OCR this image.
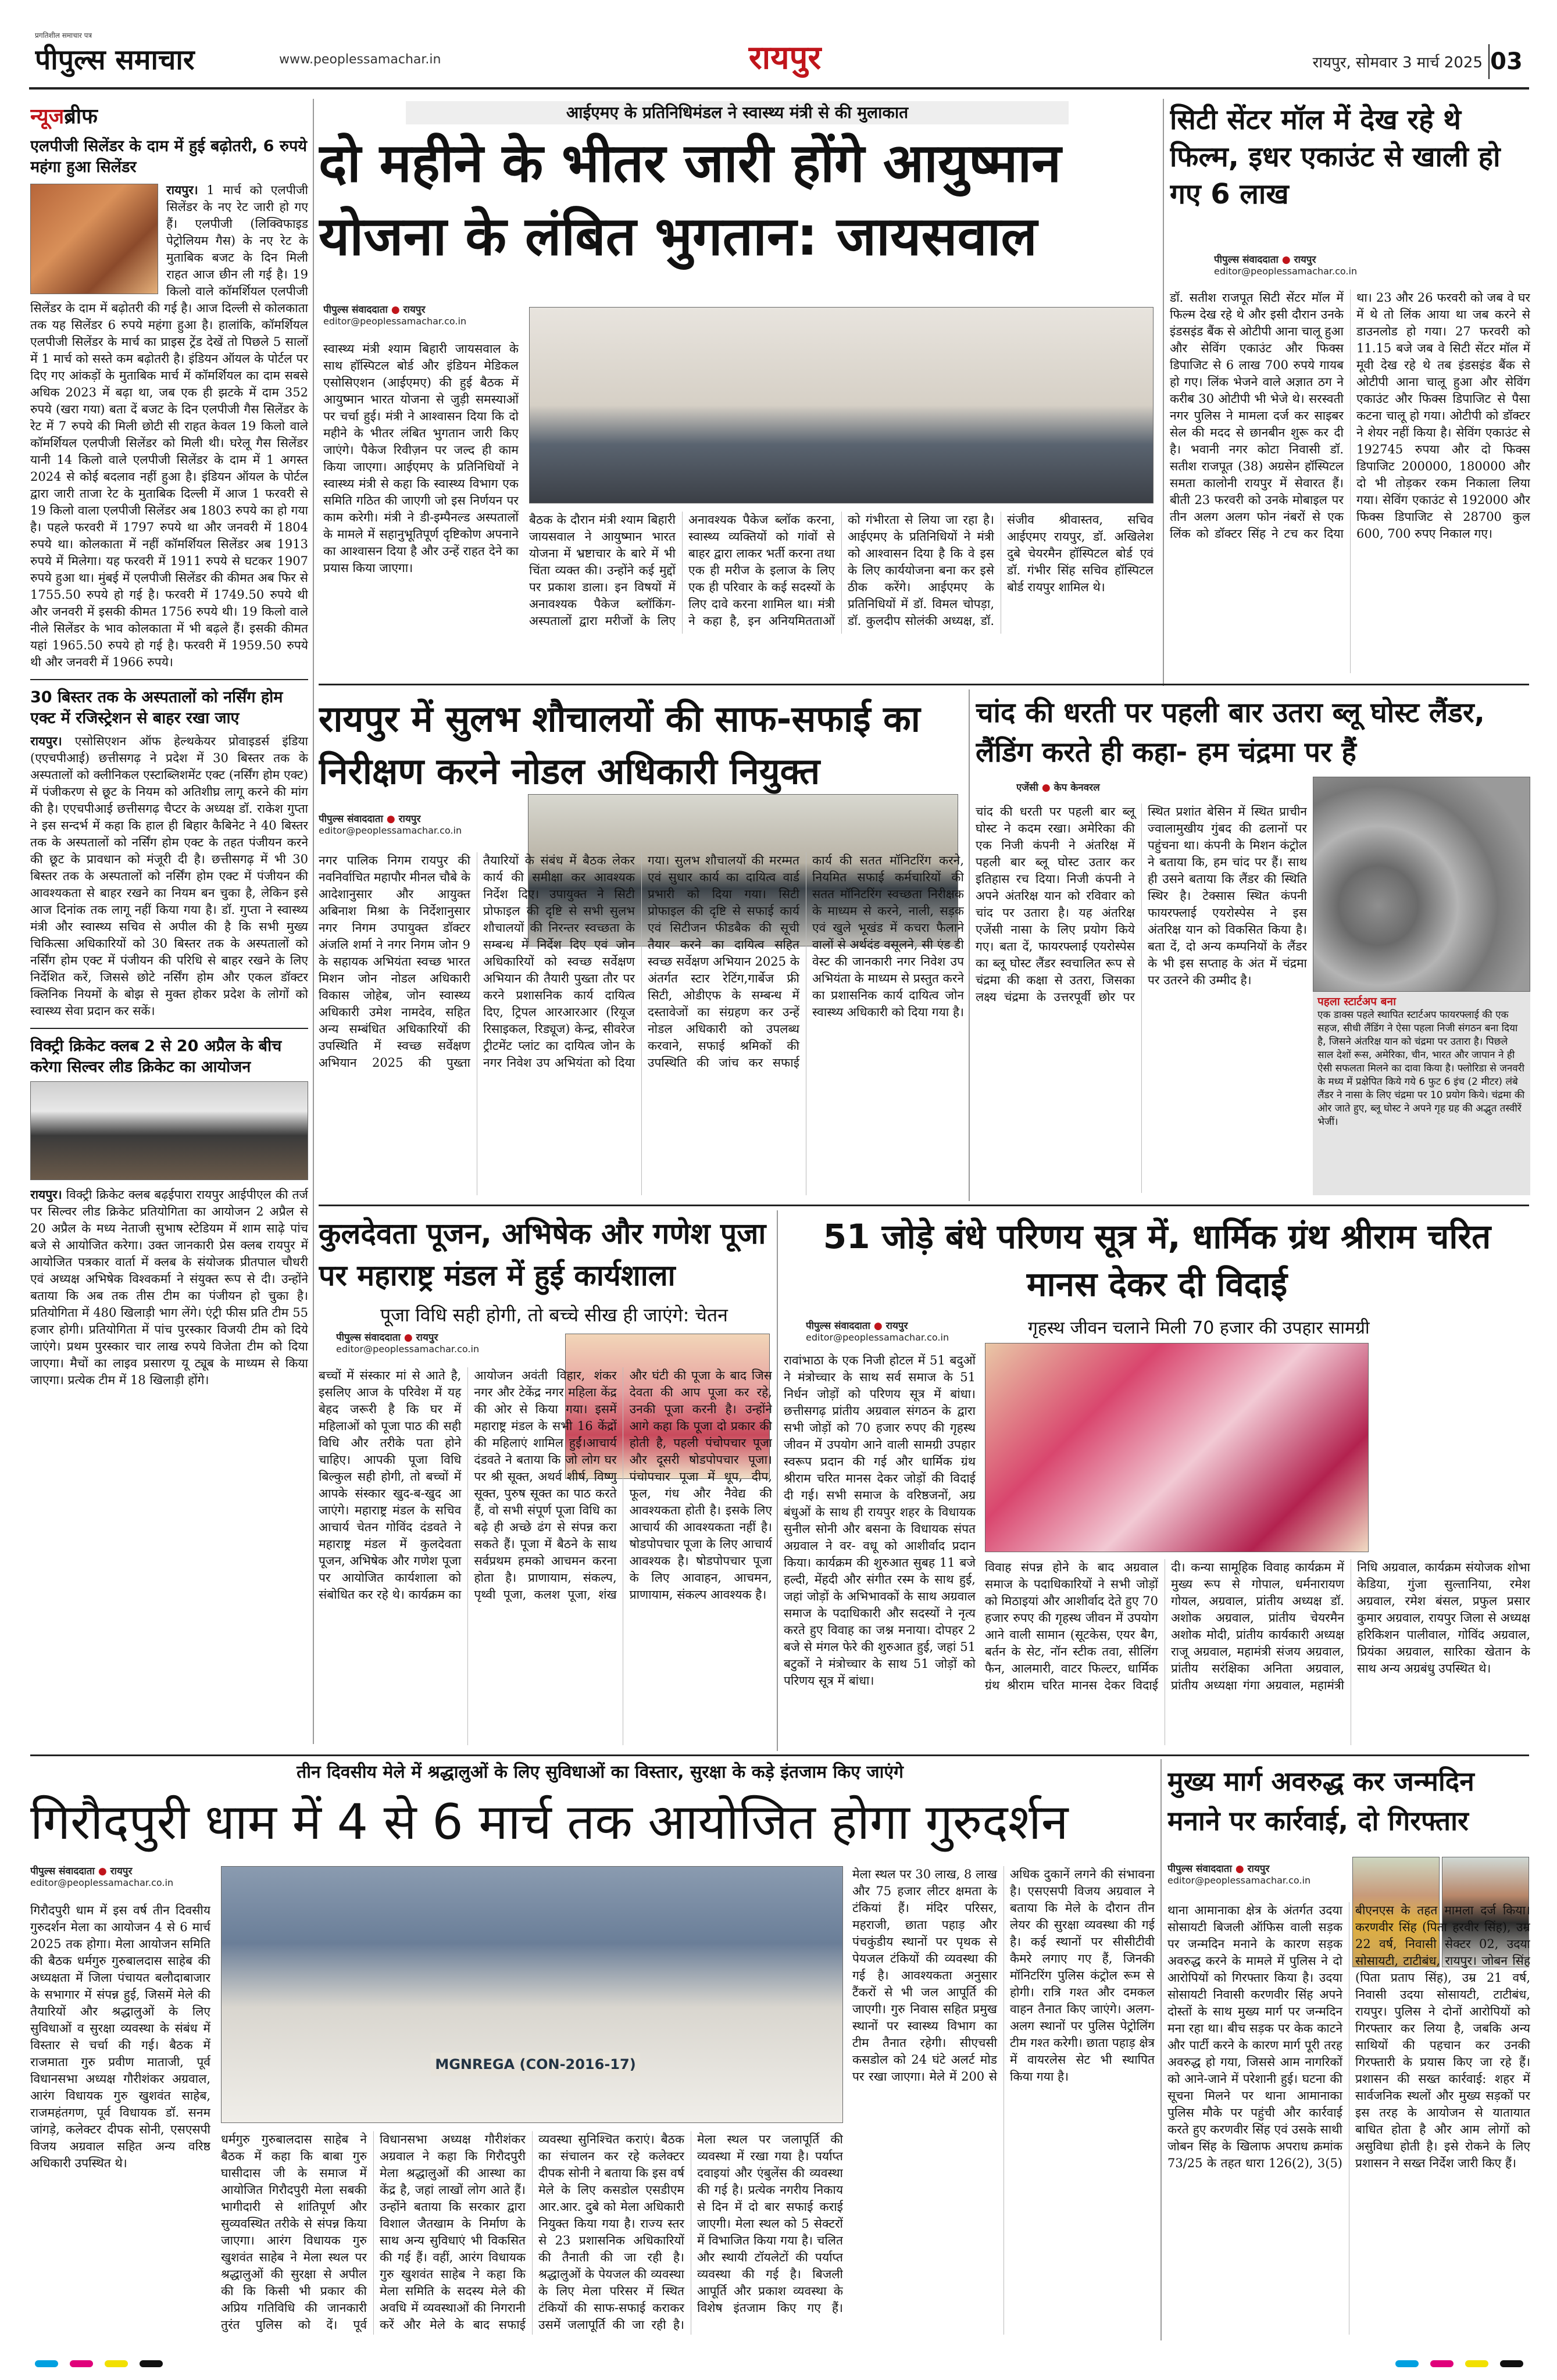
प्रगतिशील समाचार पत्र
पीपुल्स समाचार	www.peoplessamachar.in	रायपुर	रायपुर, सोमवार 3 मार्च 2025 03
न्यूजब्रीफ
एलपीजी सिलेंडर के दाम में हुई बढ़ोतरी, 6 रुपये महंगा हुआ सिलेंडर
रायपुर। 1 मार्च को एलपीजी सिलेंडर के नए रेट जारी हो गए हैं। एलपीजी (लिक्विफाइड पेट्रोलियम गैस) के नए रेट के मुताबिक बजट के दिन मिली राहत आज छीन ली गई है। 19 किलो वाले कॉमर्शियल एलपीजी सिलेंडर के दाम में बढ़ोतरी की गई है। आज दिल्ली से कोलकाता तक यह सिलेंडर 6 रुपये महंगा हुआ है। हालांकि, कॉमर्शियल एलपीजी सिलेंडर के मार्च का प्राइस ट्रेंड देखें तो पिछले 5 सालों में 1 मार्च को सस्ते कम बढ़ोतरी है। इंडियन ऑयल के पोर्टल पर दिए गए आंकड़ों के मुताबिक मार्च में कॉमर्शियल का दाम सबसे अधिक 2023 में बढ़ा था, जब एक ही झटके में दाम 352 रुपये (खरा गया) बता दें बजट के दिन एलपीजी गैस सिलेंडर के रेट में 7 रुपये की मिली छोटी सी राहत केवल 19 किलो वाले कॉमर्शियल एलपीजी सिलेंडर को मिली थी। घरेलू गैस सिलेंडर यानी 14 किलो वाले एलपीजी सिलेंडर के दाम में 1 अगस्त 2024 से कोई बदलाव नहीं हुआ है। इंडियन ऑयल के पोर्टल द्वारा जारी ताजा रेट के मुताबिक दिल्ली में आज 1 फरवरी से 19 किलो वाला एलपीजी सिलेंडर अब 1803 रुपये का हो गया है। पहले फरवरी में 1797 रुपये था और जनवरी में 1804 रुपये था। कोलकाता में नहीं कॉमर्शियल सिलेंडर अब 1913 रुपये में मिलेगा। यह फरवरी में 1911 रुपये से घटकर 1907 रुपये हुआ था। मुंबई में एलपीजी सिलेंडर की कीमत अब फिर से 1755.50 रुपये हो गई है। फरवरी में 1749.50 रुपये थी और जनवरी में इसकी कीमत 1756 रुपये थी। 19 किलो वाले नीले सिलेंडर के भाव कोलकाता में भी बढ़ले हैं। इसकी कीमत यहां 1965.50 रुपये हो गई है। फरवरी में 1959.50 रुपये थी और जनवरी में 1966 रुपये।
30 बिस्तर तक के अस्पतालों को नर्सिंग होम एक्ट में रजिस्ट्रेशन से बाहर रखा जाए
रायपुर। एसोसिएशन ऑफ हेल्थकेयर प्रोवाइडर्स इंडिया (एएचपीआई) छत्तीसगढ़ ने प्रदेश में 30 बिस्तर तक के अस्पतालों को क्लीनिकल एस्टाब्लिशमेंट एक्ट (नर्सिंग होम एक्ट) में पंजीकरण से छूट के नियम को अतिशीघ्र लागू करने की मांग की है। एएचपीआई छत्तीसगढ़ चैप्टर के अध्यक्ष डॉ. राकेश गुप्ता ने इस सन्दर्भ में कहा कि हाल ही बिहार कैबिनेट ने 40 बिस्तर तक के अस्पतालों को नर्सिंग होम एक्ट के तहत पंजीयन करने की छूट के प्रावधान को मंजूरी दी है। छत्तीसगढ़ में भी 30 बिस्तर तक के अस्पतालों को नर्सिंग होम एक्ट में पंजीयन की आवश्यकता से बाहर रखने का नियम बन चुका है, लेकिन इसे आज दिनांक तक लागू नहीं किया गया है। डॉ. गुप्ता ने स्वास्थ्य मंत्री और स्वास्थ्य सचिव से अपील की है कि सभी मुख्य चिकित्सा अधिकारियों को 30 बिस्तर तक के अस्पतालों को नर्सिंग होम एक्ट में पंजीयन की परिधि से बाहर रखने के लिए निर्देशित करें, जिससे छोटे नर्सिंग होम और एकल डॉक्टर क्लिनिक नियमों के बोझ से मुक्त होकर प्रदेश के लोगों को स्वास्थ्य सेवा प्रदान कर सकें।
विक्ट्री क्रिकेट क्लब 2 से 20 अप्रैल के बीच करेगा सिल्वर लीड क्रिकेट का आयोजन
रायपुर। विक्ट्री क्रिकेट क्लब बढ़ईपारा रायपुर आईपीएल की तर्ज पर सिल्वर लीड क्रिकेट प्रतियोगिता का आयोजन 2 अप्रैल से 20 अप्रैल के मध्य नेताजी सुभाष स्टेडियम में शाम साढ़े पांच बजे से आयोजित करेगा। उक्त जानकारी प्रेस क्लब रायपुर में आयोजित पत्रकार वार्ता में क्लब के संयोजक प्रीतपाल चौधरी एवं अध्यक्ष अभिषेक विश्वकर्मा ने संयुक्त रूप से दी। उन्होंने बताया कि अब तक तीस टीम का पंजीयन हो चुका है। प्रतियोगिता में 480 खिलाड़ी भाग लेंगे। एंट्री फीस प्रति टीम 55 हजार होगी। प्रतियोगिता में पांच पुरस्कार विजयी टीम को दिये जाएंगे। प्रथम पुरस्कार चार लाख रुपये विजेता टीम को दिया जाएगा। मैचों का लाइव प्रसारण यू ट्यूब के माध्यम से किया जाएगा। प्रत्येक टीम में 18 खिलाड़ी होंगे।
आईएमए के प्रतिनिधिमंडल ने स्वास्थ्य मंत्री से की मुलाकात
दो महीने के भीतर जारी होंगे आयुष्मान योजना के लंबित भुगतान: जायसवाल
पीपुल्स संवाददाता ● रायपुर
editor@peoplessamachar.co.in
स्वास्थ्य मंत्री श्याम बिहारी जायसवाल के साथ हॉस्पिटल बोर्ड और इंडियन मेडिकल एसोसिएशन (आईएमए) की हुई बैठक में आयुष्मान भारत योजना से जुड़ी समस्याओं पर चर्चा हुई। मंत्री ने आश्वासन दिया कि दो महीने के भीतर लंबित भुगतान जारी किए जाएंगे। पैकेज रिवीज़न पर जल्द ही काम किया जाएगा। आईएमए के प्रतिनिधियों ने स्वास्थ्य मंत्री से कहा कि स्वास्थ्य विभाग एक समिति गठित की जाएगी जो इस निर्णयन पर काम करेगी। मंत्री ने डी-इम्पैनल्ड अस्पतालों के मामले में सहानुभूतिपूर्ण दृष्टिकोण अपनाने का आश्वासन दिया है और उन्हें राहत देने का प्रयास किया जाएगा।
बैठक के दौरान मंत्री श्याम बिहारी जायसवाल ने आयुष्मान भारत योजना में भ्रष्टाचार के बारे में भी चिंता व्यक्त की। उन्होंने कई मुद्दों पर प्रकाश डाला। इन विषयों में अनावश्यक पैकेज ब्लॉकिंग- अस्पतालों द्वारा मरीजों के लिए अनावश्यक पैकेज ब्लॉक करना, स्वास्थ्य व्यक्तियों को गांवों से बाहर द्वारा लाकर भर्ती करना तथा एक ही मरीज के इलाज के लिए एक ही परिवार के कई सदस्यों के लिए दावे करना शामिल था। मंत्री ने कहा है, इन अनियमितताओं को गंभीरता से लिया जा रहा है। आईएमए के प्रतिनिधियों ने मंत्री को आश्वासन दिया है कि वे इस के लिए कार्ययोजना बना कर इसे ठीक करेंगे। आईएमए के प्रतिनिधियों में डॉ. विमल चोपड़ा, डॉ. कुलदीप सोलंकी अध्यक्ष, डॉ. संजीव श्रीवास्तव, सचिव आईएमए रायपुर, डॉ. अखिलेश दुबे चेयरमैन हॉस्पिटल बोर्ड एवं डॉ. गंभीर सिंह सचिव हॉस्पिटल बोर्ड रायपुर शामिल थे।
सिटी सेंटर मॉल में देख रहे थे फिल्म, इधर एकाउंट से खाली हो गए 6 लाख
पीपुल्स संवाददाता ● रायपुर
editor@peoplessamachar.co.in
डॉ. सतीश राजपूत सिटी सेंटर मॉल में फिल्म देख रहे थे और इसी दौरान उनके इंडसइंड बैंक से ओटीपी आना चालू हुआ और सेविंग एकाउंट और फिक्स डिपाजिट से 6 लाख 700 रुपये गायब हो गए। लिंक भेजने वाले अज्ञात ठग ने करीब 30 ओटीपी भी भेजे थे। सरस्वती नगर पुलिस ने मामला दर्ज कर साइबर सेल की मदद से छानबीन शुरू कर दी है। भवानी नगर कोटा निवासी डॉ. सतीश राजपूत (38) अग्रसेन हॉस्पिटल समता कालोनी रायपुर में सेवारत हैं। बीती 23 फरवरी को उनके मोबाइल पर तीन अलग अलग फोन नंबरों से एक लिंक को डॉक्टर सिंह ने टच कर दिया था। 23 और 26 फरवरी को जब वे घर में थे तो लिंक आया था जब करने से डाउनलोड हो गया। 27 फरवरी को 11.15 बजे जब वे सिटी सेंटर मॉल में मूवी देख रहे थे तब इंडसइंड बैंक से ओटीपी आना चालू हुआ और सेविंग एकाउंट और फिक्स डिपाजिट से पैसा कटना चालू हो गया। ओटीपी को डॉक्टर ने शेयर नहीं किया है। सेविंग एकाउंट से 192745 रुपया और दो फिक्स डिपाजिट 200000, 180000 और दो भी तोड़कर रकम निकाला लिया गया। सेविंग एकाउंट से 192000 और फिक्स डिपाजिट से 28700 कुल 600, 700 रुपए निकाल गए।
रायपुर में सुलभ शौचालयों की साफ-सफाई का निरीक्षण करने नोडल अधिकारी नियुक्त
पीपुल्स संवाददाता ● रायपुर
editor@peoplessamachar.co.in
नगर पालिक निगम रायपुर की नवनिर्वाचित महापौर मीनल चौबे के आदेशानुसार और आयुक्त अबिनाश मिश्रा के निर्देशानुसार नगर निगम उपायुक्त डॉक्टर अंजलि शर्मा ने नगर निगम जोन 9 के सहायक अभियंता स्वच्छ भारत मिशन जोन नोडल अधिकारी विकास जोहेब, जोन स्वास्थ्य अधिकारी उमेश नामदेव, सहित अन्य सम्बंधित अधिकारियों की उपस्थिति में स्वच्छ सर्वेक्षण अभियान 2025 की पुख्ता तैयारियों के संबंध में बैठक लेकर कार्य की समीक्षा कर आवश्यक निर्देश दिए। उपायुक्त ने सिटी प्रोफाइल की दृष्टि से सभी सुलभ शौचालयों की निरन्तर स्वच्छता के सम्बन्ध में निर्देश दिए एवं जोन अधिकारियों को स्वच्छ सर्वेक्षण अभियान की तैयारी पुख्ता तौर पर करने प्रशासनिक कार्य दायित्व दिए, ट्रिपल आरआरआर (रियूज रिसाइकल, रिड्यूज) केन्द्र, सीवरेज ट्रीटमेंट प्लांट का दायित्व जोन के नगर निवेश उप अभियंता को दिया गया। सुलभ शौचालयों की मरम्मत एवं सुधार कार्य का दायित्व वार्ड प्रभारी को दिया गया। सिटी प्रोफाइल की दृष्टि से सफाई कार्य एवं सिटीजन फीडबैक की सूची तैयार करने का दायित्व सहित स्वच्छ सर्वेक्षण अभियान 2025 के अंतर्गत स्टार रेटिंग,गार्बेज फ्री सिटी, ओडीएफ के सम्बन्ध में दस्तावेजों का संग्रहण कर उन्हें नोडल अधिकारी को उपलब्ध करवाने, सफाई श्रमिकों की उपस्थिति की जांच कर सफाई कार्य की सतत मॉनिटरिंग करने, नियमित सफाई कर्मचारियों की सतत मॉनिटरिंग स्वच्छता निरीक्षक के माध्यम से करने, नाली, सड़क एवं खुले भूखंड में कचरा फैलाने वालों से अर्थदंड वसूलने, सी एंड डी वेस्ट की जानकारी नगर निवेश उप अभियंता के माध्यम से प्रस्तुत करने का प्रशासनिक कार्य दायित्व जोन स्वास्थ्य अधिकारी को दिया गया है।
चांद की धरती पर पहली बार उतरा ब्लू घोस्ट लैंडर, लैंडिंग करते ही कहा- हम चंद्रमा पर हैं
एजेंसी ● केप केनवरल
चांद की धरती पर पहली बार ब्लू घोस्ट ने कदम रखा। अमेरिका की एक निजी कंपनी ने अंतरिक्ष में पहली बार ब्लू घोस्ट उतार कर इतिहास रच दिया। निजी कंपनी ने अपने अंतरिक्ष यान को रविवार को चांद पर उतारा है। यह अंतरिक्ष एजेंसी नासा के लिए प्रयोग किये गए। बता दें, फायरफ्लाई एयरोस्पेस का ब्लू घोस्ट लैंडर स्वचालित रूप से चंद्रमा की कक्षा से उतरा, जिसका लक्ष्य चंद्रमा के उत्तरपूर्वी छोर पर स्थित प्रशांत बेसिन में स्थित प्राचीन ज्वालामुखीय गुंबद की ढलानों पर पहुंचना था। कंपनी के मिशन कंट्रोल ने बताया कि, हम चांद पर हैं। साथ ही उसने बताया कि लैंडर की स्थिति स्थिर है। टेक्सास स्थित कंपनी फायरफ्लाई एयरोस्पेस ने इस अंतरिक्ष यान को विकसित किया है। बता दें, दो अन्य कम्पनियों के लैंडर के भी इस सप्ताह के अंत में चंद्रमा पर उतरने की उम्मीद है।
पहला स्टार्टअप बना
एक डाक्स पहले स्थापित स्टार्टअप फायरफ्लाई की एक सहज, सीधी लैंडिंग ने ऐसा पहला निजी संगठन बना दिया है, जिसने अंतरिक्ष यान को चंद्रमा पर उतारा है। पिछले साल देशों रूस, अमेरिका, चीन, भारत और जापान ने ही ऐसी सफलता मिलने का दावा किया है। फ्लोरिडा से जनवरी के मध्य में प्रक्षेपित किये गये 6 फुट 6 इंच (2 मीटर) लंबे लैंडर ने नासा के लिए चंद्रमा पर 10 प्रयोग किये। चंद्रमा की ओर जाते हुए, ब्लू घोस्ट ने अपने गृह ग्रह की अद्भुत तस्वीरें भेजीं।
कुलदेवता पूजन, अभिषेक और गणेश पूजा पर महाराष्ट्र मंडल में हुई कार्यशाला
पूजा विधि सही होगी, तो बच्चे सीख ही जाएंगे: चेतन
पीपुल्स संवाददाता ● रायपुर
editor@peoplessamachar.co.in
बच्चों में संस्कार मां से आते है, इसलिए आज के परिवेश में यह बेहद जरूरी है कि घर में महिलाओं को पूजा पाठ की सही विधि और तरीके पता होने चाहिए। आपकी पूजा विधि बिल्कुल सही होगी, तो बच्चों में आपके संस्कार खुद-ब-खुद आ जाएंगे। महाराष्ट्र मंडल के सचिव आचार्य चेतन गोविंद दंडवते ने महाराष्ट्र मंडल में कुलदेवता पूजन, अभिषेक और गणेश पूजा पर आयोजित कार्यशाला को संबोधित कर रहे थे। कार्यक्रम का आयोजन अवंती विहार, शंकर नगर और टेकेंद्र नगर महिला केंद्र की ओर से किया गया। इसमें महाराष्ट्र मंडल के सभी 16 केंद्रों की महिलाएं शामिल हुईं।आचार्य दंडवते ने बताया कि जो लोग घर पर श्री सूक्त, अथर्व शीर्ष, विष्णु सूक्त, पुरुष सूक्त का पाठ करते हैं, वो सभी संपूर्ण पूजा विधि का बढ़े ही अच्छे ढंग से संपन्न करा सकते हैं। पूजा में बैठने के साथ सर्वप्रथम हमको आचमन करना होता है। प्राणायाम, संकल्प, पृथ्वी पूजा, कलश पूजा, शंख और घंटी की पूजा के बाद जिस देवता की आप पूजा कर रहे, उनकी पूजा करनी है। उन्होंने आगे कहा कि पूजा दो प्रकार की होती है, पहली पंचोपचार पूजा और दूसरी षोडपोपचार पूजा। पंचोपचार पूजा में धूप, दीप, फूल, गंध और नैवेद्य की आवश्यकता होती है। इसके लिए आचार्य की आवश्यकता नहीं है। षोडपोपचार पूजा के लिए आचार्य आवश्यक है। षोडपोपचार पूजा के लिए आवाहन, आचमन, प्राणायाम, संकल्प आवश्यक है।
51 जोड़े बंधे परिणय सूत्र में, धार्मिक ग्रंथ श्रीराम चरित मानस देकर दी विदाई
गृहस्थ जीवन चलाने मिली 70 हजार की उपहार सामग्री
पीपुल्स संवाददाता ● रायपुर
editor@peoplessamachar.co.in
रावांभाठा के एक निजी होटल में 51 बदुओं ने मंत्रोच्चार के साथ सर्व समाज के 51 निर्धन जोड़ों को परिणय सूत्र में बांधा। छत्तीसगढ़ प्रांतीय अग्रवाल संगठन के द्वारा सभी जोड़ों को 70 हजार रुपए की गृहस्थ जीवन में उपयोग आने वाली सामग्री उपहार स्वरूप प्रदान की गई और धार्मिक ग्रंथ श्रीराम चरित मानस देकर जोड़ों की विदाई दी गई। सभी समाज के वरिष्ठजनों, अग्र बंधुओं के साथ ही रायपुर शहर के विधायक सुनील सोनी और बसना के विधायक संपत अग्रवाल ने वर- वधू को आशीर्वाद प्रदान किया। कार्यक्रम की शुरुआत सुबह 11 बजे हल्दी, मेंहदी और संगीत रस्म के साथ हुई, जहां जोड़ों के अभिभावकों के साथ अग्रवाल समाज के पदाधिकारी और सदस्यों ने नृत्य करते हुए विवाह का जश्न मनाया। दोपहर 2 बजे से मंगल फेरे की शुरुआत हुई, जहां 51 बटुकों ने मंत्रोच्चार के साथ 51 जोड़ों को परिणय सूत्र में बांधा।
विवाह संपन्न होने के बाद अग्रवाल समाज के पदाधिकारियों ने सभी जोड़ों को मिठाइयां और आशीर्वाद देते हुए 70 हजार रुपए की गृहस्थ जीवन में उपयोग आने वाली सामान (सूटकेस, एयर बैग, बर्तन के सेट, नॉन स्टीक तवा, सीलिंग फैन, आलमारी, वाटर फिल्टर, धार्मिक ग्रंथ श्रीराम चरित मानस देकर विदाई दी। कन्या सामूहिक विवाह कार्यक्रम में मुख्य रूप से गोपाल, धर्मनारायण गोयल, अग्रवाल, प्रांतीय अध्यक्ष डॉ. अशोक अग्रवाल, प्रांतीय चेयरमैन अशोक मोदी, प्रांतीय कार्यकारी अध्यक्ष राजू अग्रवाल, महामंत्री संजय अग्रवाल, प्रांतीय सरंक्षिका अनिता अग्रवाल, प्रांतीय अध्यक्षा गंगा अग्रवाल, महामंत्री निधि अग्रवाल, कार्यक्रम संयोजक शोभा केडिया, गुंजा सुल्तानिया, रमेश अग्रवाल, रमेश बंसल, प्रफुल प्रसार कुमार अग्रवाल, रायपुर जिला से अध्यक्ष हरिकिशन पालीवाल, गोविंद अग्रवाल, प्रियंका अग्रवाल, सारिका खेतान के साथ अन्य अग्रबंधु उपस्थित थे।
तीन दिवसीय मेले में श्रद्धालुओं के लिए सुविधाओं का विस्तार, सुरक्षा के कड़े इंतजाम किए जाएंगे
गिरौदपुरी धाम में 4 से 6 मार्च तक आयोजित होगा गुरुदर्शन
पीपुल्स संवाददाता ● रायपुर
editor@peoplessamachar.co.in
गिरौदपुरी धाम में इस वर्ष तीन दिवसीय गुरुदर्शन मेला का आयोजन 4 से 6 मार्च 2025 तक होगा। मेला आयोजन समिति की बैठक धर्मगुरु गुरुबालदास साहेब की अध्यक्षता में जिला पंचायत बलौदाबाजार के सभागार में संपन्न हुई, जिसमें मेले की तैयारियों और श्रद्धालुओं के लिए सुविधाओं व सुरक्षा व्यवस्था के संबंध में विस्तार से चर्चा की गई। बैठक में राजमाता गुरु प्रवीण माताजी, पूर्व विधानसभा अध्यक्ष गौरीशंकर अग्रवाल, आरंग विधायक गुरु खुशवंत साहेब, राजमहंतगण, पूर्व विधायक डॉ. सनम जांगड़े, कलेक्टर दीपक सोनी, एसएसपी विजय अग्रवाल सहित अन्य वरिष्ठ अधिकारी उपस्थित थे।
MGNREGA (CON-2016-17)
धर्मगुरु गुरुबालदास साहेब ने बैठक में कहा कि बाबा गुरु घासीदास जी के समाज में आयोजित गिरौदपुरी मेला सबकी भागीदारी से शांतिपूर्ण और सुव्यवस्थित तरीके से संपन्न किया जाएगा। आरंग विधायक गुरु खुशवंत साहेब ने मेला स्थल पर श्रद्धालुओं की सुरक्षा से अपील की कि किसी भी प्रकार की अप्रिय गतिविधि की जानकारी तुरंत पुलिस को दें। पूर्व विधानसभा अध्यक्ष गौरीशंकर अग्रवाल ने कहा कि गिरौदपुरी मेला श्रद्धालुओं की आस्था का केंद्र है, जहां लाखों लोग आते हैं। उन्होंने बताया कि सरकार द्वारा विशाल जैतखाम के निर्माण के साथ अन्य सुविधाएं भी विकसित की गई हैं। वहीं, आरंग विधायक गुरु खुशवंत साहेब ने कहा कि मेला समिति के सदस्य मेले की अवधि में व्यवस्थाओं की निगरानी करें और मेले के बाद सफाई व्यवस्था सुनिश्चित कराएं। बैठक का संचालन कर रहे कलेक्टर दीपक सोनी ने बताया कि इस वर्ष मेले के लिए कसडोल एसडीएम आर.आर. दुबे को मेला अधिकारी नियुक्त किया गया है। राज्य स्तर से 23 प्रशासनिक अधिकारियों की तैनाती की जा रही है। श्रद्धालुओं के पेयजल की व्यवस्था के लिए मेला परिसर में स्थित टंकियों की साफ-सफाई कराकर उसमें जलापूर्ति की जा रही है। मेला स्थल पर जलापूर्ति की व्यवस्था में रखा गया है। पर्याप्त दवाइयां और एंबुलेंस की व्यवस्था की गई है। प्रत्येक नगरीय निकाय से दिन में दो बार सफाई कराई जाएगी। मेला स्थल को 5 सेक्टरों में विभाजित किया गया है। चलित और स्थायी टॉयलेटों की पर्याप्त व्यवस्था की गई है। बिजली आपूर्ति और प्रकाश व्यवस्था के विशेष इंतजाम किए गए हैं।
मेला स्थल पर 30 लाख, 8 लाख और 75 हजार लीटर क्षमता के टंकियां हैं। मंदिर परिसर, महराजी, छाता पहाड़ और पंचकुंडीय स्थानों पर पृथक से पेयजल टंकियों की व्यवस्था की गई है। आवश्यकता अनुसार टैंकरों से भी जल आपूर्ति की जाएगी। गुरु निवास सहित प्रमुख स्थानों पर स्वास्थ्य विभाग का टीम तैनात रहेगी। सीएचसी कसडोल को 24 घंटे अलर्ट मोड पर रखा जाएगा। मेले में 200 से अधिक दुकानें लगने की संभावना है। एसएसपी विजय अग्रवाल ने बताया कि मेले के दौरान तीन लेयर की सुरक्षा व्यवस्था की गई है। कई स्थानों पर सीसीटीवी कैमरे लगाए गए हैं, जिनकी मॉनिटरिंग पुलिस कंट्रोल रूम से होगी। रात्रि गश्त और दमकल वाहन तैनात किए जाएंगे। अलग-अलग स्थानों पर पुलिस पेट्रोलिंग टीम गश्त करेगी। छाता पहाड़ क्षेत्र में वायरलेस सेट भी स्थापित किया गया है।
मुख्य मार्ग अवरुद्ध कर जन्मदिन मनाने पर कार्रवाई, दो गिरफ्तार
पीपुल्स संवाददाता ● रायपुर
editor@peoplessamachar.co.in
थाना आमानाका क्षेत्र के अंतर्गत उदया सोसायटी बिजली ऑफिस वाली सड़क पर जन्मदिन मनाने के कारण सड़क अवरुद्ध करने के मामले में पुलिस ने दो आरोपियों को गिरफ्तार किया है। उदया सोसायटी निवासी करणवीर सिंह अपने दोस्तों के साथ मुख्य मार्ग पर जन्मदिन मना रहा था। बीच सड़क पर केक काटने और पार्टी करने के कारण मार्ग पूरी तरह अवरुद्ध हो गया, जिससे आम नागरिकों को आने-जाने में परेशानी हुई। घटना की सूचना मिलने पर थाना आमानाका पुलिस मौके पर पहुंची और कार्रवाई करते हुए करणवीर सिंह एवं उसके साथी जोबन सिंह के खिलाफ अपराध क्रमांक 73/25 के तहत धारा 126(2), 3(5) बीएनएस के तहत मामला दर्ज किया। करणवीर सिंह (पिता हरवीर सिंह), उम्र 22 वर्ष, निवासी सेक्टर 02, उदया सोसायटी, टाटीबंध, रायपुर। जोबन सिंह (पिता प्रताप सिंह), उम्र 21 वर्ष, निवासी उदया सोसायटी, टाटीबंध, रायपुर। पुलिस ने दोनों आरोपियों को गिरफ्तार कर लिया है, जबकि अन्य साथियों की पहचान कर उनकी गिरफ्तारी के प्रयास किए जा रहे हैं। प्रशासन की सख्त कार्रवाई: शहर में सार्वजनिक स्थलों और मुख्य सड़कों पर इस तरह के आयोजन से यातायात बाधित होता है और आम लोगों को असुविधा होती है। इसे रोकने के लिए प्रशासन ने सख्त निर्देश जारी किए हैं।
